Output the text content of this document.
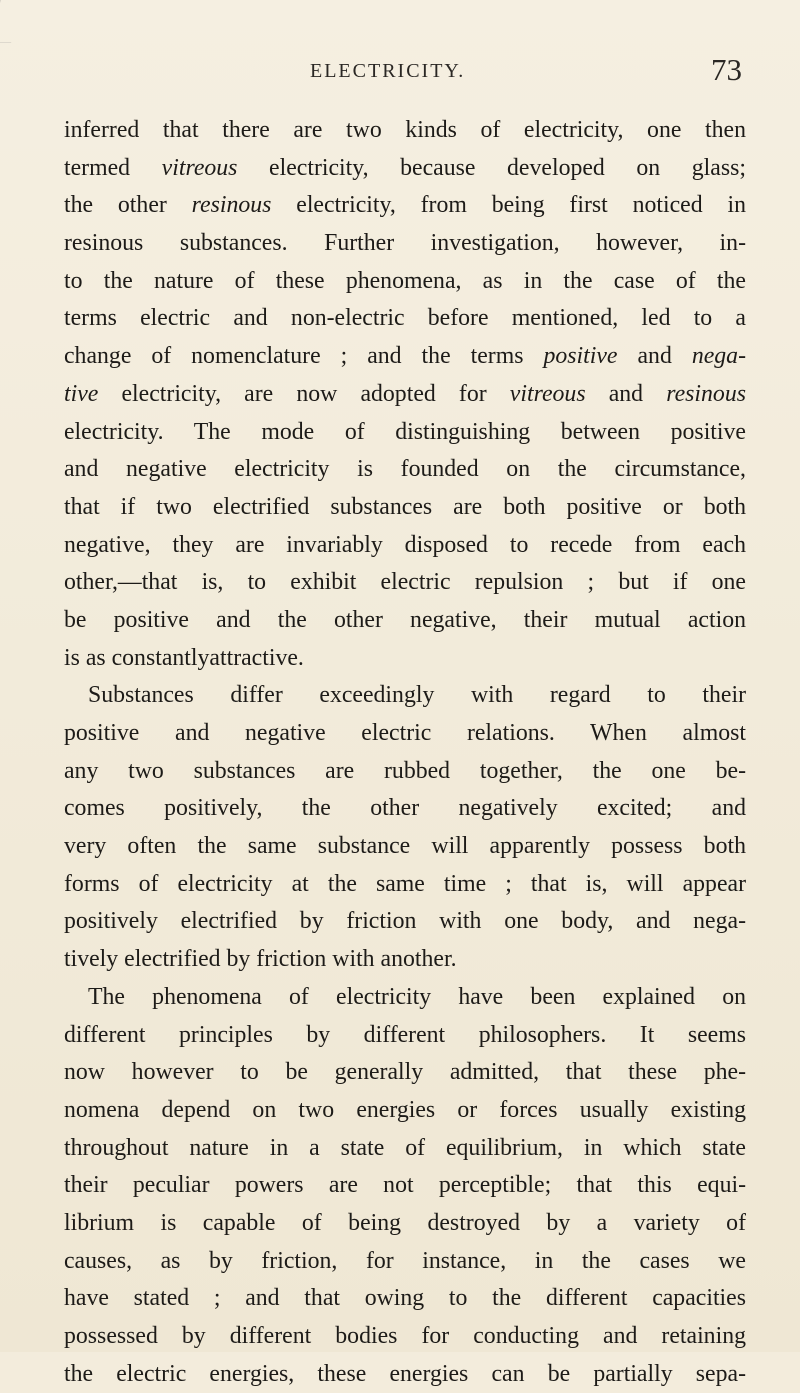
ELECTRICITY.	73
inferred that there are two kinds of electricity, one then
termed vitreous electricity, because developed on glass;
the other resinous electricity, from being first noticed in
resinous substances. Further investigation, however, in-
to the nature of these phenomena, as in the case of the
terms electric and non-electric before mentioned, led to a
change of nomenclature ; and the terms positive and nega-
tive electricity, are now adopted for vitreous and resinous
electricity. The mode of distinguishing between positive
and negative electricity is founded on the circumstance,
that if two electrified substances are both positive or both
negative, they are invariably disposed to recede from each
other,—that is, to exhibit electric repulsion ; but if one
be positive and the other negative, their mutual action
is as constantlyattractive.
Substances differ exceedingly with regard to their
positive and negative electric relations. When almost
any two substances are rubbed together, the one be-
comes positively, the other negatively excited; and
very often the same substance will apparently possess both
forms of electricity at the same time ; that is, will appear
positively electrified by friction with one body, and nega-
tively electrified by friction with another.
The phenomena of electricity have been explained on
different principles by different philosophers. It seems
now however to be generally admitted, that these phe-
nomena depend on two energies or forces usually existing
throughout nature in a state of equilibrium, in which state
their peculiar powers are not perceptible; that this equi-
librium is capable of being destroyed by a variety of
causes, as by friction, for instance, in the cases we
have stated ; and that owing to the different capacities
possessed by different bodies for conducting and retaining
the electric energies, these energies can be partially sepa-
